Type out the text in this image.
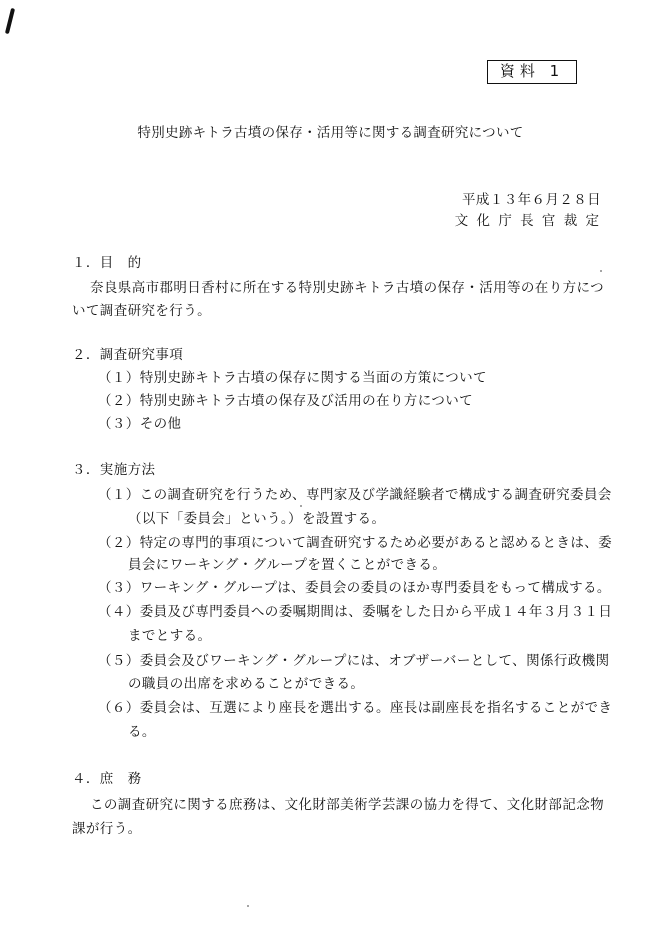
資料 1
特別史跡キトラ古墳の保存・活用等に関する調査研究について
平成１３年６月２８日
文 化 庁 長 官 裁 定
１．目　的
奈良県高市郡明日香村に所在する特別史跡キトラ古墳の保存・活用等の在り方につ
いて調査研究を行う。
２．調査研究事項
（１）特別史跡キトラ古墳の保存に関する当面の方策について
（２）特別史跡キトラ古墳の保存及び活用の在り方について
（３）その他
３．実施方法
（１）この調査研究を行うため、専門家及び学識経験者で構成する調査研究委員会
（以下「委員会」という。）を設置する。
（２）特定の専門的事項について調査研究するため必要があると認めるときは、委
員会にワーキング・グループを置くことができる。
（３）ワーキング・グループは、委員会の委員のほか専門委員をもって構成する。
（４）委員及び専門委員への委嘱期間は、委嘱をした日から平成１４年３月３１日
までとする。
（５）委員会及びワーキング・グループには、オブザーバーとして、関係行政機関
の職員の出席を求めることができる。
（６）委員会は、互選により座長を選出する。座長は副座長を指名することができ
る。
４．庶　務
この調査研究に関する庶務は、文化財部美術学芸課の協力を得て、文化財部記念物
課が行う。
